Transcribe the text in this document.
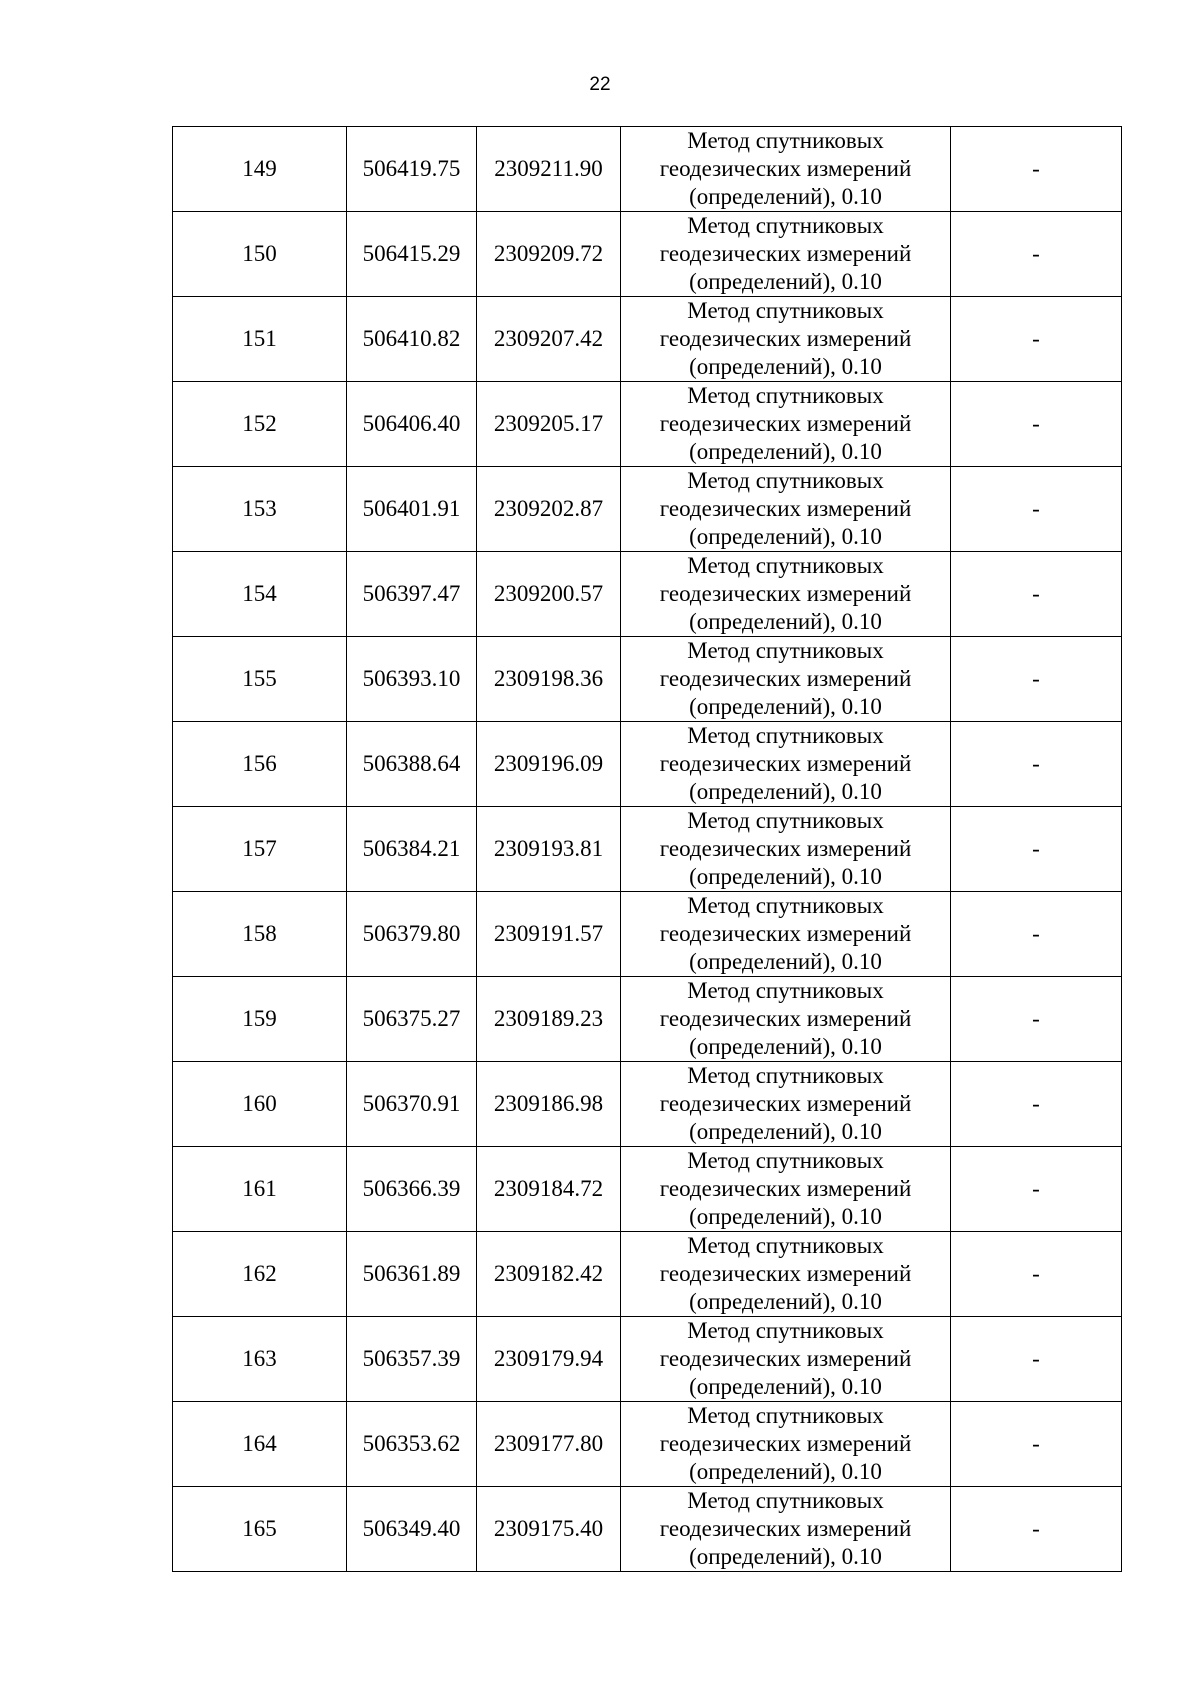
22
149	506419.75	2309211.90	Метод спутниковых
геодезических измерений
(определений), 0.10	-
150	506415.29	2309209.72	Метод спутниковых
геодезических измерений
(определений), 0.10	-
151	506410.82	2309207.42	Метод спутниковых
геодезических измерений
(определений), 0.10	-
152	506406.40	2309205.17	Метод спутниковых
геодезических измерений
(определений), 0.10	-
153	506401.91	2309202.87	Метод спутниковых
геодезических измерений
(определений), 0.10	-
154	506397.47	2309200.57	Метод спутниковых
геодезических измерений
(определений), 0.10	-
155	506393.10	2309198.36	Метод спутниковых
геодезических измерений
(определений), 0.10	-
156	506388.64	2309196.09	Метод спутниковых
геодезических измерений
(определений), 0.10	-
157	506384.21	2309193.81	Метод спутниковых
геодезических измерений
(определений), 0.10	-
158	506379.80	2309191.57	Метод спутниковых
геодезических измерений
(определений), 0.10	-
159	506375.27	2309189.23	Метод спутниковых
геодезических измерений
(определений), 0.10	-
160	506370.91	2309186.98	Метод спутниковых
геодезических измерений
(определений), 0.10	-
161	506366.39	2309184.72	Метод спутниковых
геодезических измерений
(определений), 0.10	-
162	506361.89	2309182.42	Метод спутниковых
геодезических измерений
(определений), 0.10	-
163	506357.39	2309179.94	Метод спутниковых
геодезических измерений
(определений), 0.10	-
164	506353.62	2309177.80	Метод спутниковых
геодезических измерений
(определений), 0.10	-
165	506349.40	2309175.40	Метод спутниковых
геодезических измерений
(определений), 0.10	-
